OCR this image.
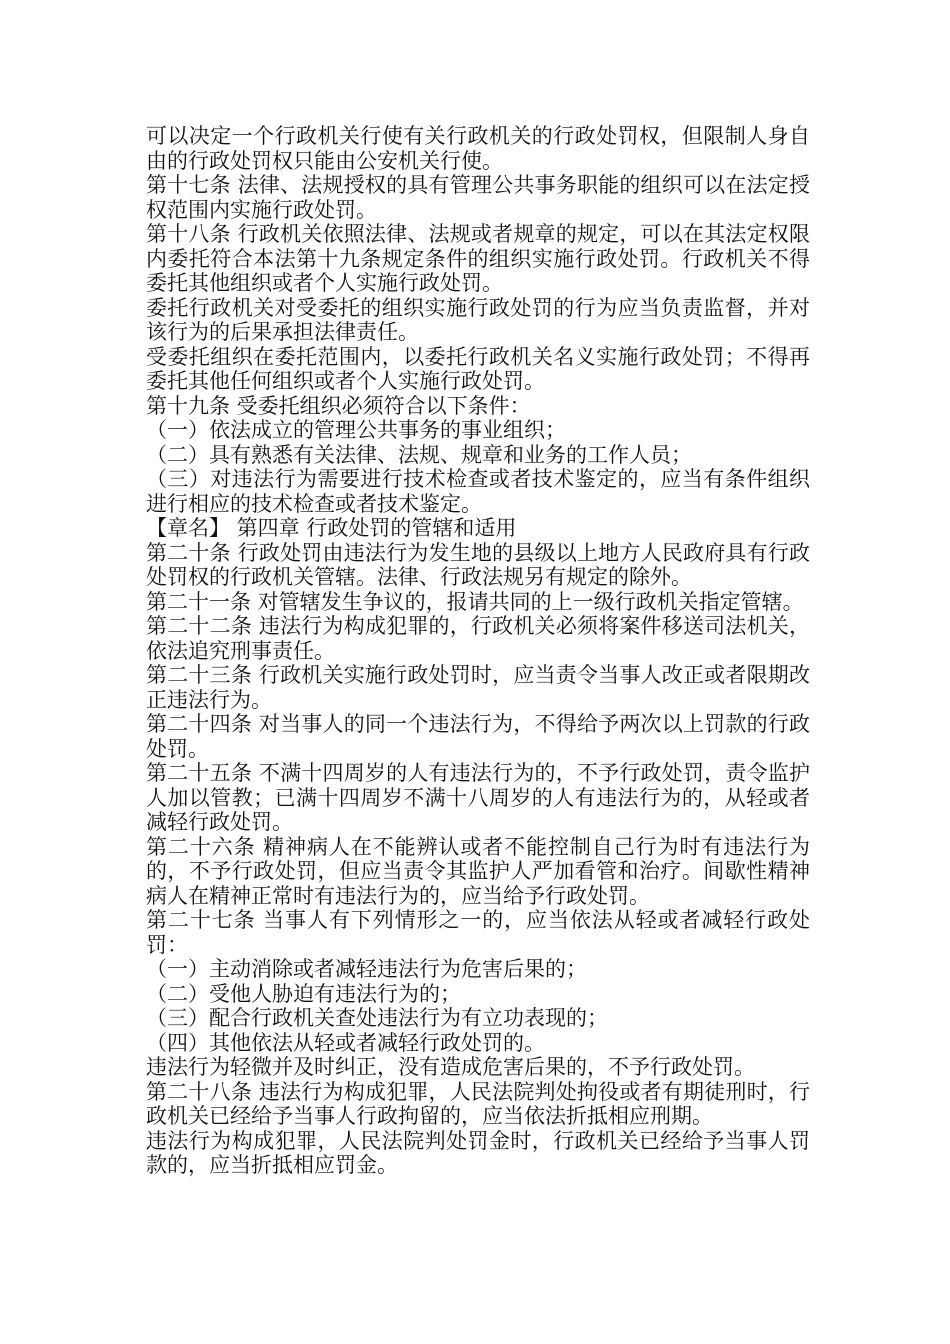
可以决定一个行政机关行使有关行政机关的行政处罚权，但限制人身自由的行政处罚权只能由公安机关行使。

第十七条 法律、法规授权的具有管理公共事务职能的组织可以在法定授权范围内实施行政处罚。

第十八条 行政机关依照法律、法规或者规章的规定，可以在其法定权限内委托符合本法第十九条规定条件的组织实施行政处罚。行政机关不得委托其他组织或者个人实施行政处罚。

委托行政机关对受委托的组织实施行政处罚的行为应当负责监督，并对该行为的后果承担法律责任。

受委托组织在委托范围内，以委托行政机关名义实施行政处罚；不得再委托其他任何组织或者个人实施行政处罚。

第十九条 受委托组织必须符合以下条件：

（一）依法成立的管理公共事务的事业组织；

（二）具有熟悉有关法律、法规、规章和业务的工作人员；

（三）对违法行为需要进行技术检查或者技术鉴定的，应当有条件组织进行相应的技术检查或者技术鉴定。

【章名】 第四章 行政处罚的管辖和适用

第二十条 行政处罚由违法行为发生地的县级以上地方人民政府具有行政处罚权的行政机关管辖。法律、行政法规另有规定的除外。

第二十一条 对管辖发生争议的，报请共同的上一级行政机关指定管辖。

第二十二条 违法行为构成犯罪的，行政机关必须将案件移送司法机关，依法追究刑事责任。

第二十三条 行政机关实施行政处罚时，应当责令当事人改正或者限期改正违法行为。

第二十四条 对当事人的同一个违法行为，不得给予两次以上罚款的行政处罚。

第二十五条 不满十四周岁的人有违法行为的，不予行政处罚，责令监护人加以管教；已满十四周岁不满十八周岁的人有违法行为的，从轻或者减轻行政处罚。

第二十六条 精神病人在不能辨认或者不能控制自己行为时有违法行为的，不予行政处罚，但应当责令其监护人严加看管和治疗。间歇性精神病人在精神正常时有违法行为的，应当给予行政处罚。

第二十七条 当事人有下列情形之一的，应当依法从轻或者减轻行政处罚：

（一）主动消除或者减轻违法行为危害后果的；

（二）受他人胁迫有违法行为的；

（三）配合行政机关查处违法行为有立功表现的；

（四）其他依法从轻或者减轻行政处罚的。

违法行为轻微并及时纠正，没有造成危害后果的，不予行政处罚。

第二十八条 违法行为构成犯罪，人民法院判处拘役或者有期徒刑时，行政机关已经给予当事人行政拘留的，应当依法折抵相应刑期。

违法行为构成犯罪，人民法院判处罚金时，行政机关已经给予当事人罚款的，应当折抵相应罚金。
